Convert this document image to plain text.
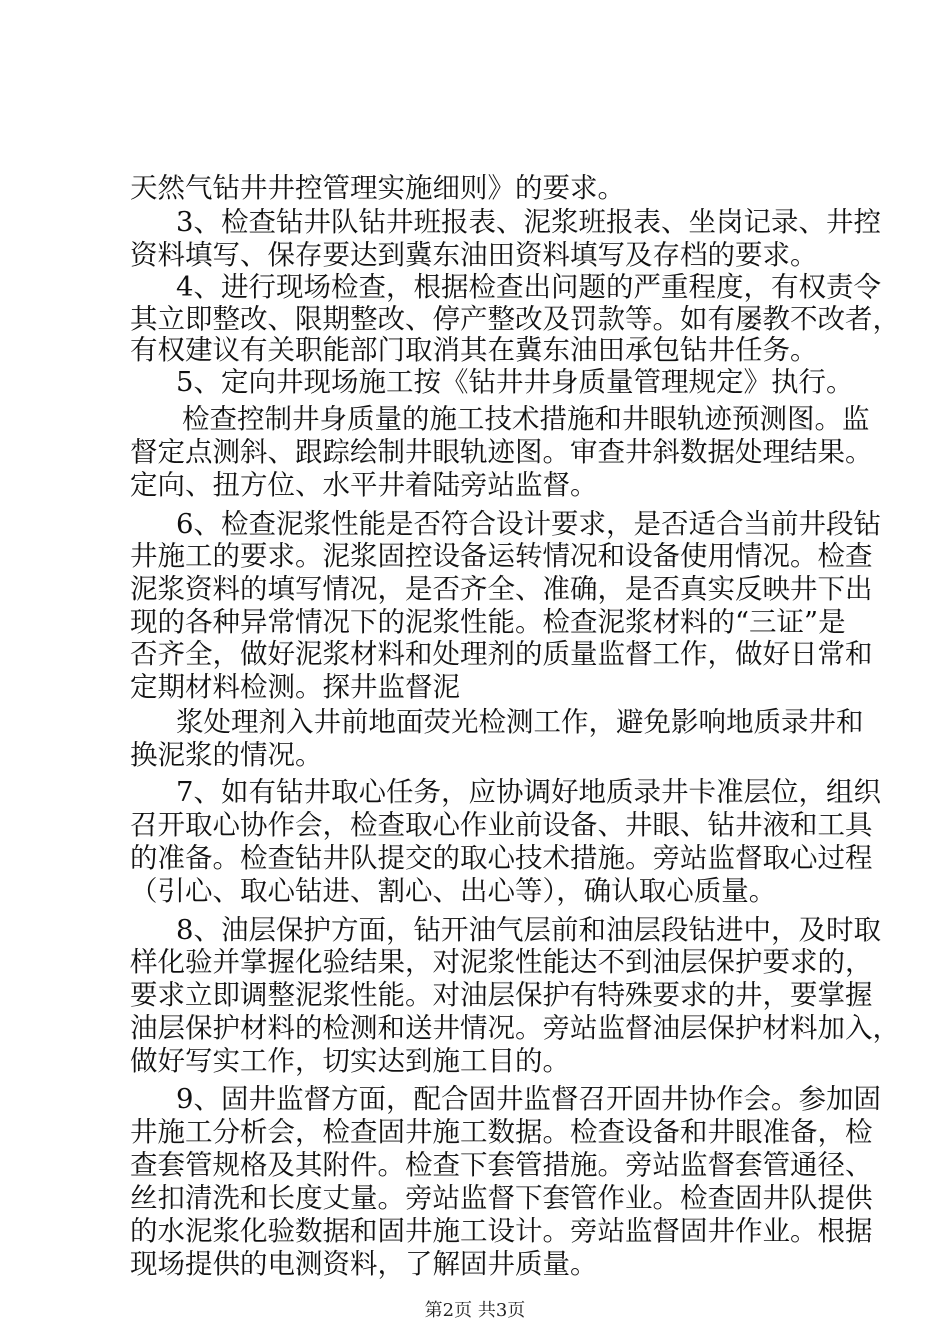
天然气钻井井控管理实施细则》的要求。
3、检查钻井队钻井班报表、泥浆班报表、坐岗记录、井控
资料填写、保存要达到冀东油田资料填写及存档的要求。
4、进行现场检查，根据检查出问题的严重程度，有权责令
其立即整改、限期整改、停产整改及罚款等。如有屡教不改者，
有权建议有关职能部门取消其在冀东油田承包钻井任务。
5、定向井现场施工按《钻井井身质量管理规定》执行。
检查控制井身质量的施工技术措施和井眼轨迹预测图。监
督定点测斜、跟踪绘制井眼轨迹图。审查井斜数据处理结果。
定向、扭方位、水平井着陆旁站监督。
6、检查泥浆性能是否符合设计要求，是否适合当前井段钻
井施工的要求。泥浆固控设备运转情况和设备使用情况。检查
泥浆资料的填写情况，是否齐全、准确，是否真实反映井下出
现的各种异常情况下的泥浆性能。检查泥浆材料的“三证”是
否齐全，做好泥浆材料和处理剂的质量监督工作，做好日常和
定期材料检测。探井监督泥
浆处理剂入井前地面荧光检测工作，避免影响地质录井和
换泥浆的情况。
7、如有钻井取心任务，应协调好地质录井卡准层位，组织
召开取心协作会，检查取心作业前设备、井眼、钻井液和工具
的准备。检查钻井队提交的取心技术措施。旁站监督取心过程
（引心、取心钻进、割心、出心等），确认取心质量。
8、油层保护方面，钻开油气层前和油层段钻进中，及时取
样化验并掌握化验结果，对泥浆性能达不到油层保护要求的，
要求立即调整泥浆性能。对油层保护有特殊要求的井，要掌握
油层保护材料的检测和送井情况。旁站监督油层保护材料加入，
做好写实工作，切实达到施工目的。
9、固井监督方面，配合固井监督召开固井协作会。参加固
井施工分析会，检查固井施工数据。检查设备和井眼准备，检
查套管规格及其附件。检查下套管措施。旁站监督套管通径、
丝扣清洗和长度丈量。旁站监督下套管作业。检查固井队提供
的水泥浆化验数据和固井施工设计。旁站监督固井作业。根据
现场提供的电测资料，了解固井质量。
第2页 共3页
